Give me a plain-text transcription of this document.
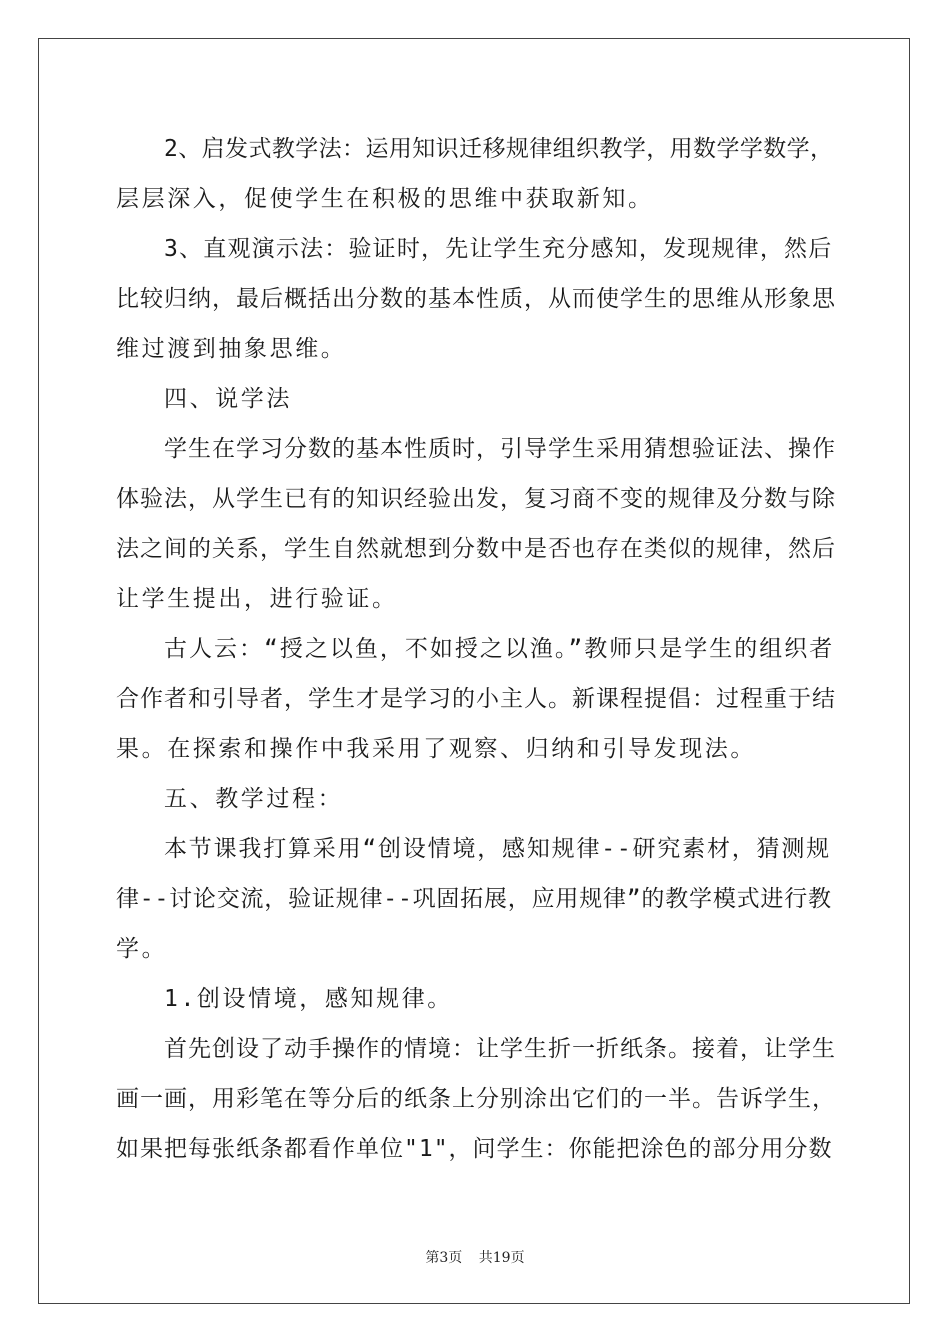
2、启发式教学法：运用知识迁移规律组织教学，用数学学数学，
层层深入，促使学生在积极的思维中获取新知。
3、直观演示法：验证时，先让学生充分感知，发现规律，然后
比较归纳，最后概括出分数的基本性质，从而使学生的思维从形象思
维过渡到抽象思维。
四、说学法
学生在学习分数的基本性质时，引导学生采用猜想验证法、操作
体验法，从学生已有的知识经验出发，复习商不变的规律及分数与除
法之间的关系，学生自然就想到分数中是否也存在类似的规律，然后
让学生提出，进行验证。
古人云：“授之以鱼，不如授之以渔。”教师只是学生的组织者
合作者和引导者，学生才是学习的小主人。新课程提倡：过程重于结
果。在探索和操作中我采用了观察、归纳和引导发现法。
五、教学过程：
本节课我打算采用“创设情境，感知规律--研究素材，猜测规
律--讨论交流，验证规律--巩固拓展，应用规律”的教学模式进行教
学。
1.创设情境，感知规律。
首先创设了动手操作的情境：让学生折一折纸条。接着，让学生
画一画，用彩笔在等分后的纸条上分别涂出它们的一半。告诉学生，
如果把每张纸条都看作单位"1"，问学生：你能把涂色的部分用分数
第3页 共19页
